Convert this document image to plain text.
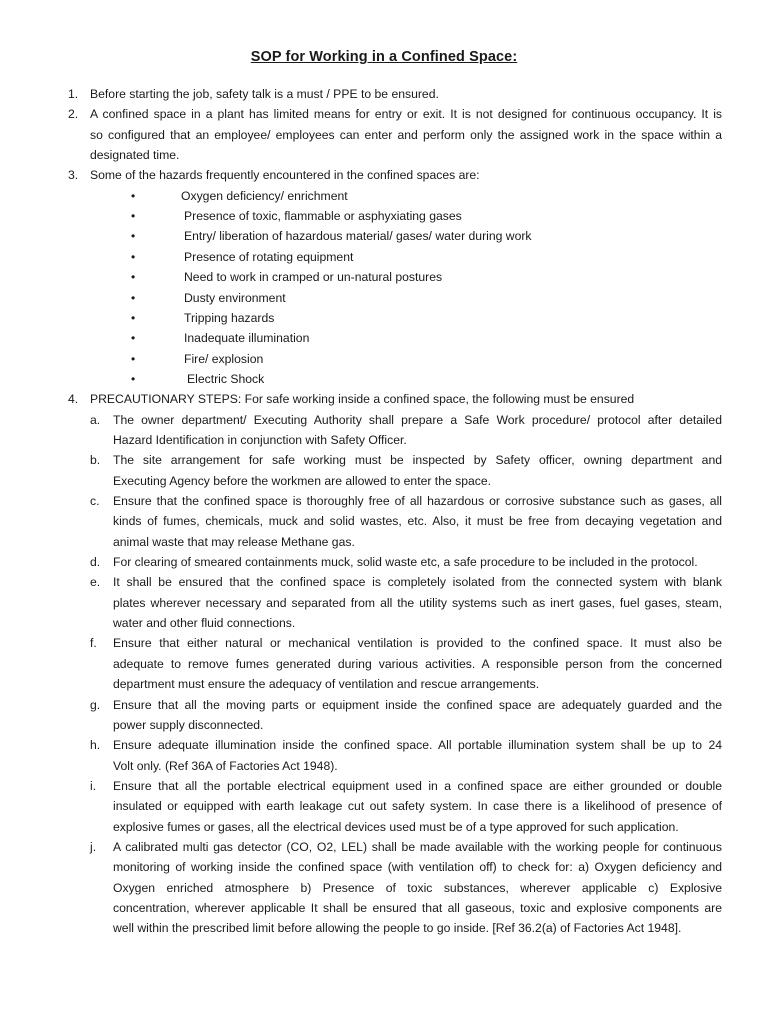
SOP for Working in a Confined Space:
1. Before starting the job, safety talk is a must / PPE to be ensured.
2. A confined space in a plant has limited means for entry or exit. It is not designed for continuous occupancy. It is
so configured that an employee/ employees can enter and perform only the assigned work in the space within a
designated time.
3. Some of the hazards frequently encountered in the confined spaces are:
•	Oxygen deficiency/ enrichment
•	Presence of toxic, flammable or asphyxiating gases
•	Entry/ liberation of hazardous material/ gases/ water during work
•	Presence of rotating equipment
•	Need to work in cramped or un-natural postures
•	Dusty environment
•	Tripping hazards
•	Inadequate illumination
•	Fire/ explosion
•	Electric Shock
4. PRECAUTIONARY STEPS: For safe working inside a confined space, the following must be ensured
a. The owner department/ Executing Authority shall prepare a Safe Work procedure/ protocol after detailed
Hazard Identification in conjunction with Safety Officer.
b. The site arrangement for safe working must be inspected by Safety officer, owning department and
Executing Agency before the workmen are allowed to enter the space.
c. Ensure that the confined space is thoroughly free of all hazardous or corrosive substance such as gases, all
kinds of fumes, chemicals, muck and solid wastes, etc. Also, it must be free from decaying vegetation and
animal waste that may release Methane gas.
d. For clearing of smeared containments muck, solid waste etc, a safe procedure to be included in the protocol.
e. It shall be ensured that the confined space is completely isolated from the connected system with blank
plates wherever necessary and separated from all the utility systems such as inert gases, fuel gases, steam,
water and other fluid connections.
f. Ensure that either natural or mechanical ventilation is provided to the confined space. It must also be
adequate to remove fumes generated during various activities. A responsible person from the concerned
department must ensure the adequacy of ventilation and rescue arrangements.
g. Ensure that all the moving parts or equipment inside the confined space are adequately guarded and the
power supply disconnected.
h. Ensure adequate illumination inside the confined space. All portable illumination system shall be up to 24
Volt only. (Ref 36A of Factories Act 1948).
i. Ensure that all the portable electrical equipment used in a confined space are either grounded or double
insulated or equipped with earth leakage cut out safety system. In case there is a likelihood of presence of
explosive fumes or gases, all the electrical devices used must be of a type approved for such application.
j. A calibrated multi gas detector (CO, O2, LEL) shall be made available with the working people for continuous
monitoring of working inside the confined space (with ventilation off) to check for: a) Oxygen deficiency and
Oxygen enriched atmosphere b) Presence of toxic substances, wherever applicable c) Explosive
concentration, wherever applicable It shall be ensured that all gaseous, toxic and explosive components are
well within the prescribed limit before allowing the people to go inside. [Ref 36.2(a) of Factories Act 1948].
